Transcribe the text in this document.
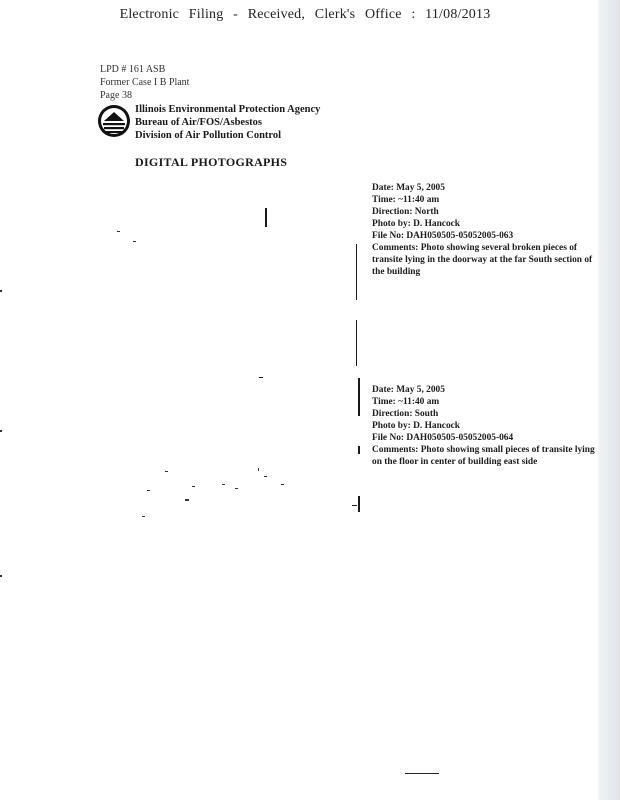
Electronic Filing - Received, Clerk's Office : 11/08/2013
LPD # 161 ASB
Former Case I B Plant
Page 38
Illinois Environmental Protection Agency
Bureau of Air/FOS/Asbestos
Division of Air Pollution Control
DIGITAL PHOTOGRAPHS
Date: May 5, 2005
Time: ~11:40 am
Direction: North
Photo by: D. Hancock
File No: DAH050505-05052005-063
Comments: Photo showing several broken pieces of transite lying in the doorway at the far South section of the building
Date: May 5, 2005
Time: ~11:40 am
Direction: South
Photo by: D. Hancock
File No: DAH050505-05052005-064
Comments: Photo showing small pieces of transite lying on the floor in center of building east side
